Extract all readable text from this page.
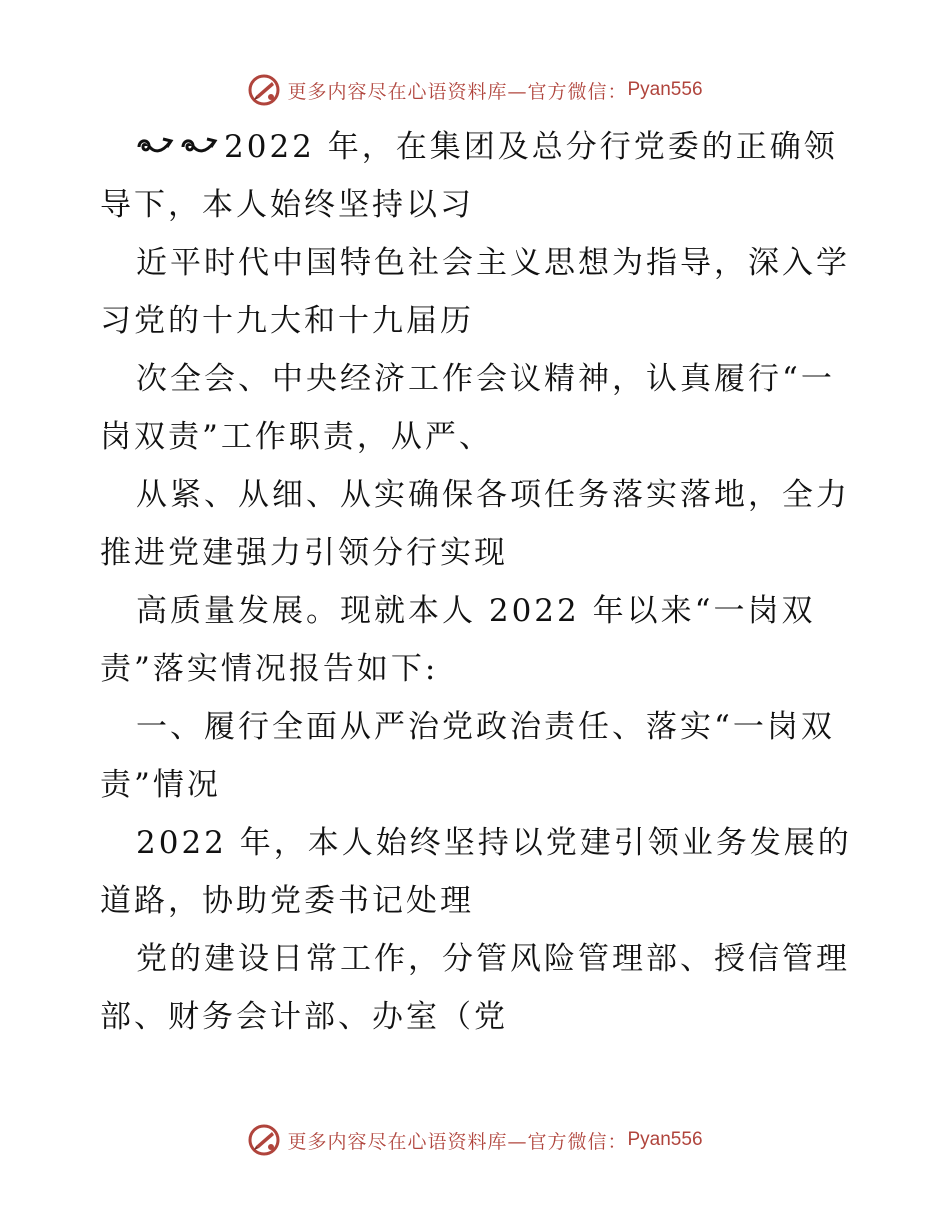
更多内容尽在心语资料库—官方微信： Pyan556
2022 年，在集团及总分行党委的正确领
导下，本人始终坚持以习
近平时代中国特色社会主义思想为指导，深入学
习党的十九大和十九届历
次全会、中央经济工作会议精神，认真履行“一
岗双责”工作职责，从严、
从紧、从细、从实确保各项任务落实落地，全力
推进党建强力引领分行实现
高质量发展。现就本人 2022 年以来“一岗双
责”落实情况报告如下:
一、履行全面从严治党政治责任、落实“一岗双
责”情况
2022 年，本人始终坚持以党建引领业务发展的
道路，协助党委书记处理
党的建设日常工作，分管风险管理部、授信管理
部、财务会计部、办室（党
更多内容尽在心语资料库—官方微信： Pyan556
